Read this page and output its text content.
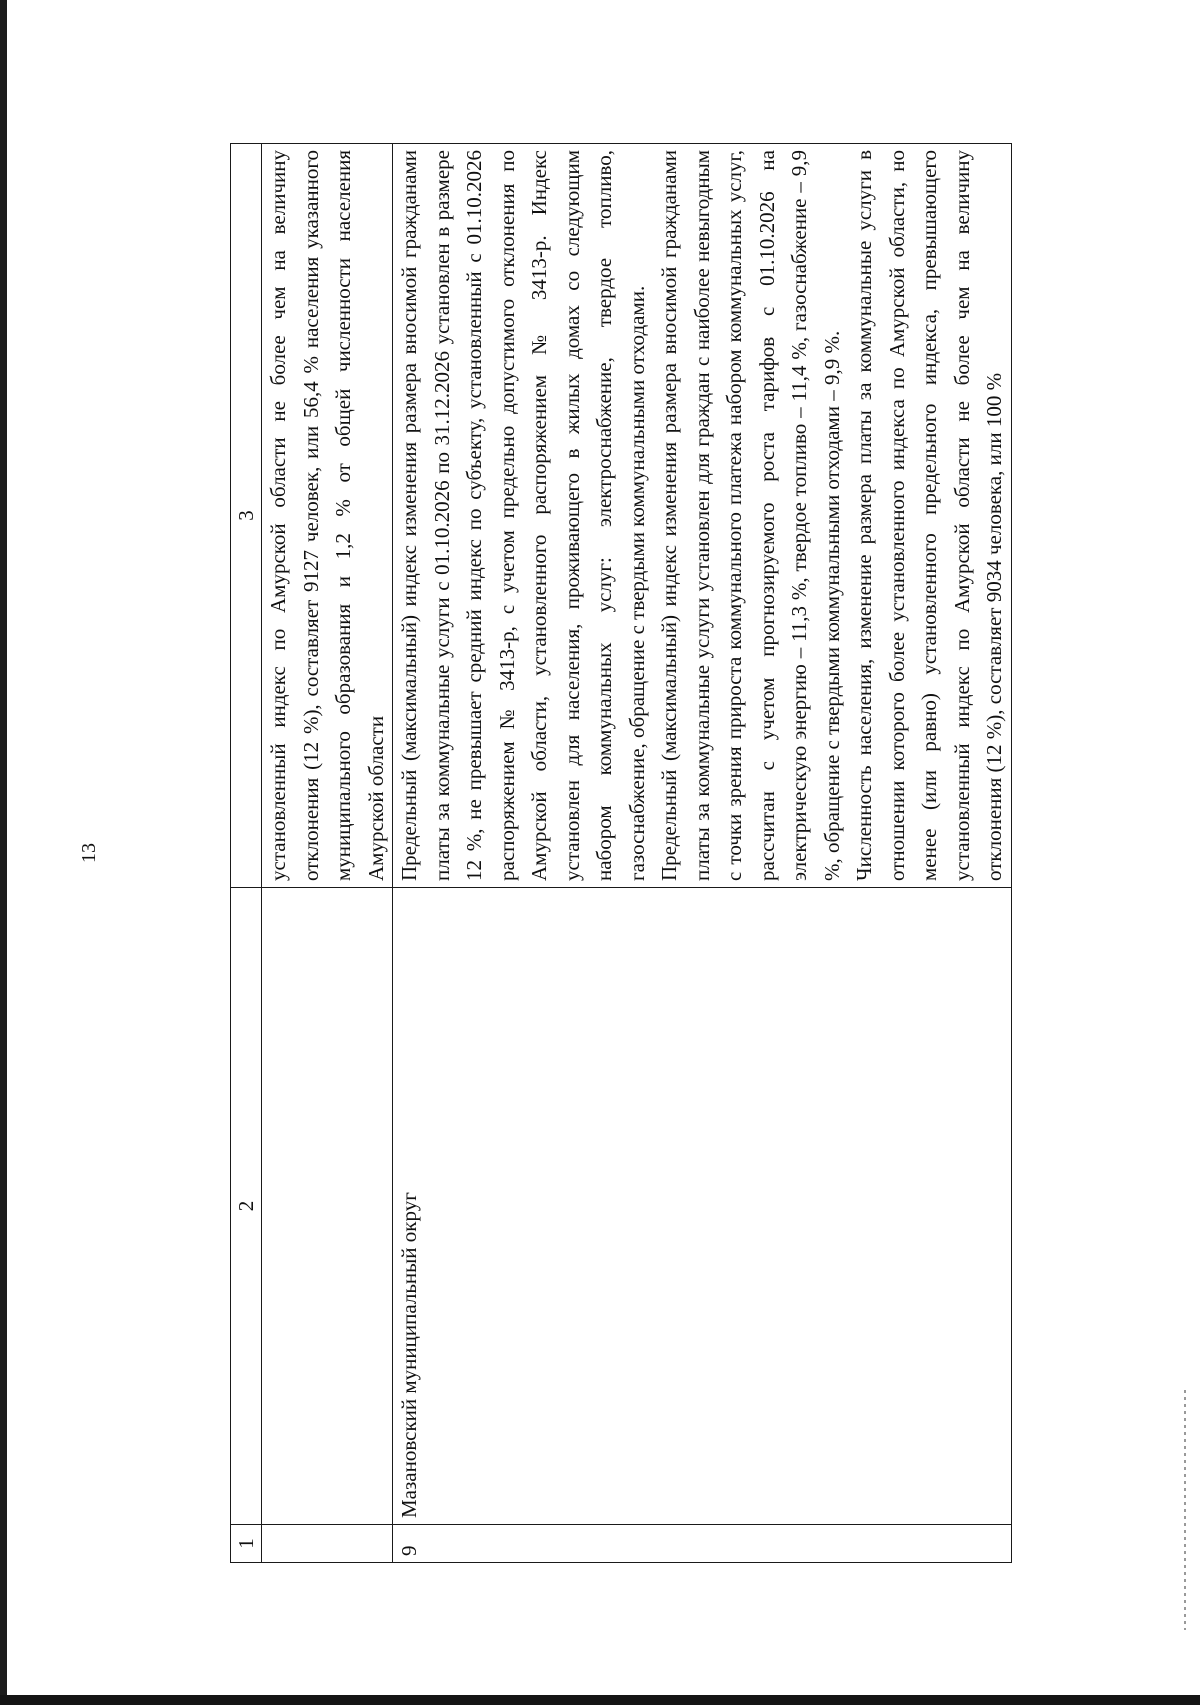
13
1	2	3

		установленный индекс по Амурской области не более чем на величину отклонения (12 %), составляет 9127 человек, или 56,4 % населения указанного муниципального образования и 1,2 % от общей численности населения Амурской области

9	Мазановский муниципальный округ	Предельный (максимальный) индекс изменения размера вносимой гражданами платы за коммунальные услуги с 01.10.2026 по 31.12.2026 установлен в размере 12 %, не превышает средний индекс по субъекту, установленный с 01.10.2026 распоряжением № 3413-р, с учетом предельно допустимого отклонения по Амурской области, установленного распоряжением № 3413-р. Индекс установлен для населения, проживающего в жилых домах со следующим набором коммунальных услуг: электроснабжение, твердое топливо, газоснабжение, обращение с твердыми коммунальными отходами. Предельный (максимальный) индекс изменения размера вносимой гражданами платы за коммунальные услуги установлен для граждан с наиболее невыгодным с точки зрения прироста коммунального платежа набором коммунальных услуг, рассчитан с учетом прогнозируемого роста тарифов с 01.10.2026 на электрическую энергию – 11,3 %, твердое топливо – 11,4 %, газоснабжение – 9,9 %, обращение с твердыми коммунальными отходами – 9,9 %. Численность населения, изменение размера платы за коммунальные услуги в отношении которого более установленного индекса по Амурской области, но менее (или равно) установленного предельного индекса, превышающего установленный индекс по Амурской области не более чем на величину отклонения (12 %), составляет 9034 человека, или 100 %
